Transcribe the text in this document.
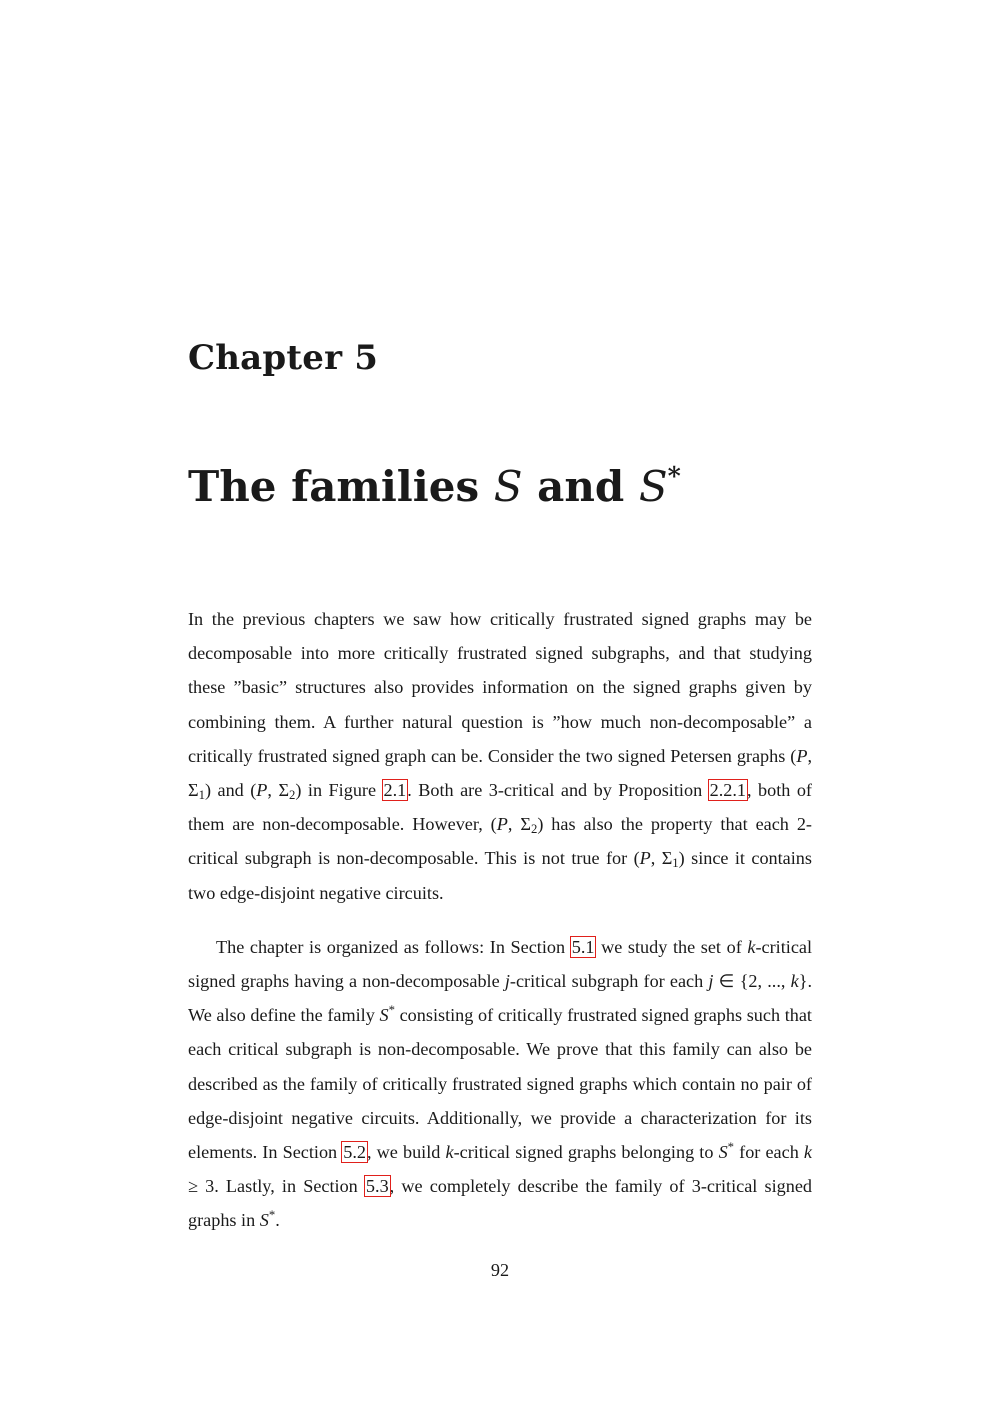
Chapter 5
The families S and S*

In the previous chapters we saw how critically frustrated signed graphs may be decomposable into more critically frustrated signed subgraphs, and that studying these ”basic” structures also provides information on the signed graphs given by combining them. A further natural question is ”how much non-decomposable” a critically frustrated signed graph can be. Consider the two signed Petersen graphs (P, $\Sigma_1$) and (P, $\Sigma_2$) in Figure 2.1. Both are 3-critical and by Proposition 2.2.1, both of them are non-decomposable. However, (P, $\Sigma_2$) has also the property that each 2-critical subgraph is non-decomposable. This is not true for (P, $\Sigma_1$) since it contains two edge-disjoint negative circuits.

The chapter is organized as follows: In Section 5.1 we study the set of k-critical signed graphs having a non-decomposable j-critical subgraph for each j ∈ {2, ..., k}. We also define the family S* consisting of critically frustrated signed graphs such that each critical subgraph is non-decomposable. We prove that this family can also be described as the family of critically frustrated signed graphs which contain no pair of edge-disjoint negative circuits. Additionally, we provide a characterization for its elements. In Section 5.2, we build k-critical signed graphs belonging to S* for each k ≥ 3. Lastly, in Section 5.3, we completely describe the family of 3-critical signed graphs in S*.

92
